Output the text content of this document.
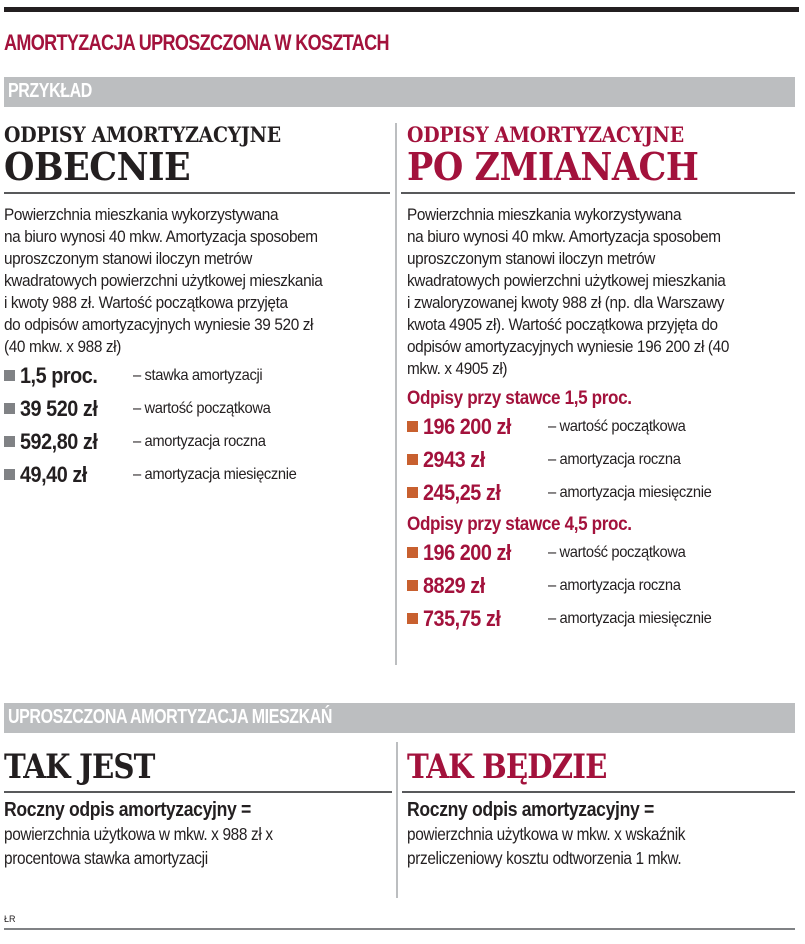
AMORTYZACJA UPROSZCZONA W KOSZTACH
PRZYKŁAD
ODPISY AMORTYZACYJNE
OBECNIE
Powierzchnia mieszkania wykorzystywana
na biuro wynosi 40 mkw. Amortyzacja sposobem
uproszczonym stanowi iloczyn metrów
kwadratowych powierzchni użytkowej mieszkania
i kwoty 988 zł. Wartość początkowa przyjęta
do odpisów amortyzacyjnych wyniesie 39 520 zł
(40 mkw. x 988 zł)
1,5 proc.	– stawka amortyzacji
39 520 zł	– wartość początkowa
592,80 zł	– amortyzacja roczna
49,40 zł	– amortyzacja miesięcznie
ODPISY AMORTYZACYJNE
PO ZMIANACH
Powierzchnia mieszkania wykorzystywana
na biuro wynosi 40 mkw. Amortyzacja sposobem
uproszczonym stanowi iloczyn metrów
kwadratowych powierzchni użytkowej mieszkania
i zwaloryzowanej kwoty 988 zł (np. dla Warszawy
kwota 4905 zł). Wartość początkowa przyjęta do
odpisów amortyzacyjnych wyniesie 196 200 zł (40
mkw. x 4905 zł)
Odpisy przy stawce 1,5 proc.
196 200 zł	– wartość początkowa
2943 zł	– amortyzacja roczna
245,25 zł	– amortyzacja miesięcznie
Odpisy przy stawce 4,5 proc.
196 200 zł	– wartość początkowa
8829 zł	– amortyzacja roczna
735,75 zł	– amortyzacja miesięcznie
UPROSZCZONA AMORTYZACJA MIESZKAŃ
TAK JEST
Roczny odpis amortyzacyjny =
powierzchnia użytkowa w mkw. x 988 zł x
procentowa stawka amortyzacji
TAK BĘDZIE
Roczny odpis amortyzacyjny =
powierzchnia użytkowa w mkw. x wskaźnik
przeliczeniowy kosztu odtworzenia 1 mkw.
ŁR
